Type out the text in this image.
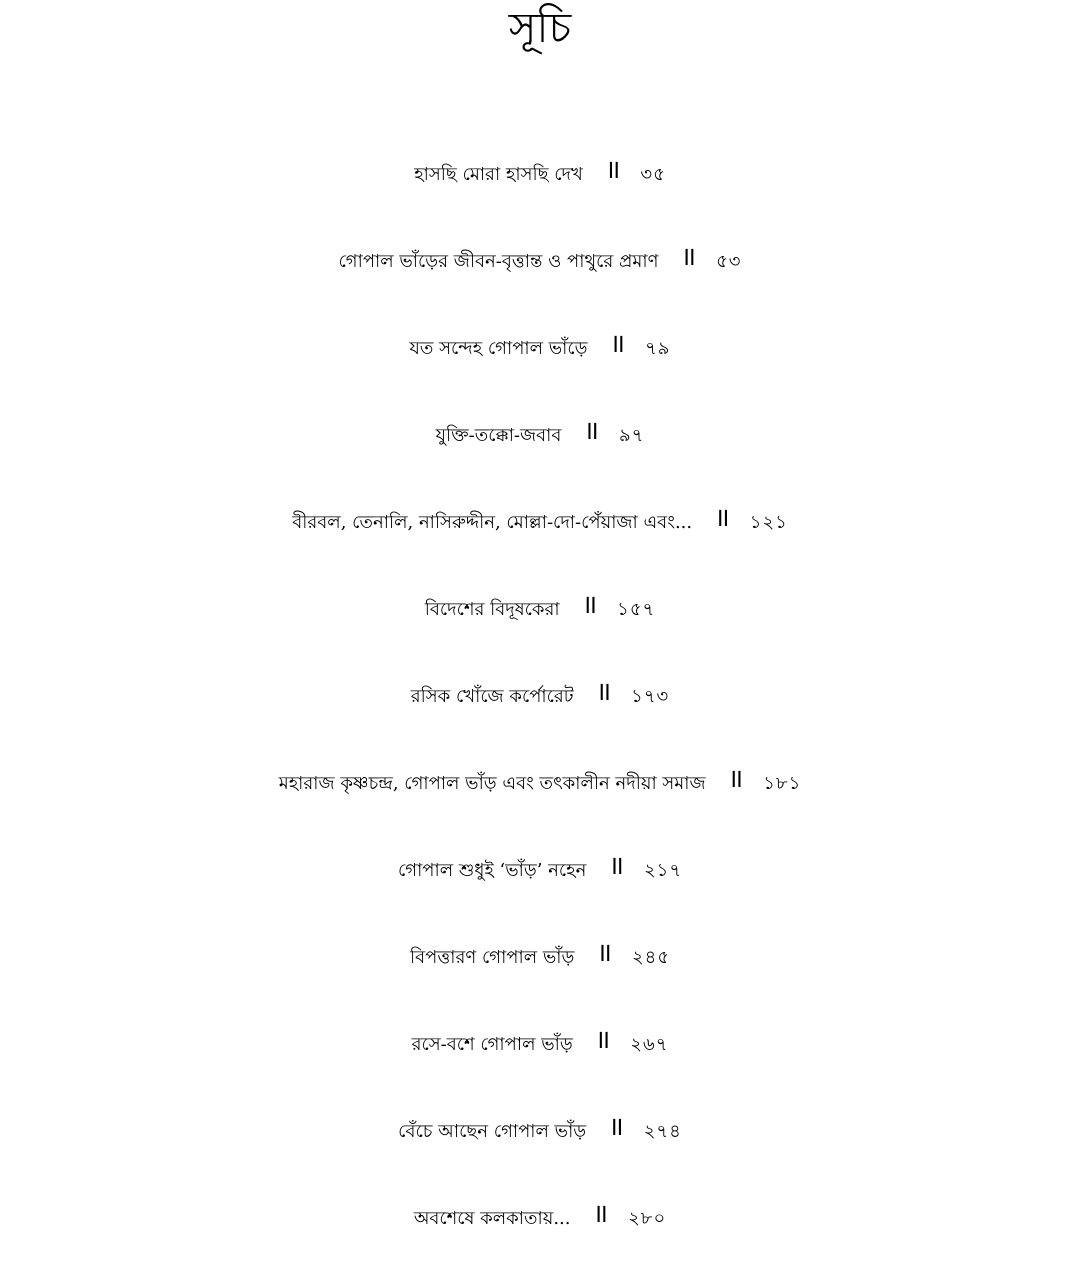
সূচি
হাসছি মোরা হাসছি দেখ ॥ ৩৫
গোপাল ভাঁড়ের জীবন-বৃত্তান্ত ও পাথুরে প্রমাণ ॥ ৫৩
যত সন্দেহ গোপাল ভাঁড়ে ॥ ৭৯
যুক্তি-তক্কো-জবাব ॥ ৯৭
বীরবল, তেনালি, নাসিরুদ্দীন, মোল্লা-দো-পেঁয়াজা এবং... ॥ ১২১
বিদেশের বিদূষকেরা ॥ ১৫৭
রসিক খোঁজে কর্পোরেট ॥ ১৭৩
মহারাজ কৃষ্ণচন্দ্র, গোপাল ভাঁড় এবং তৎকালীন নদীয়া সমাজ ॥ ১৮১
গোপাল শুধুই ‘ভাঁড়’ নহেন ॥ ২১৭
বিপত্তারণ গোপাল ভাঁড় ॥ ২৪৫
রসে-বশে গোপাল ভাঁড় ॥ ২৬৭
বেঁচে আছেন গোপাল ভাঁড় ॥ ২৭৪
অবশেষে কলকাতায়... ॥ ২৮০
